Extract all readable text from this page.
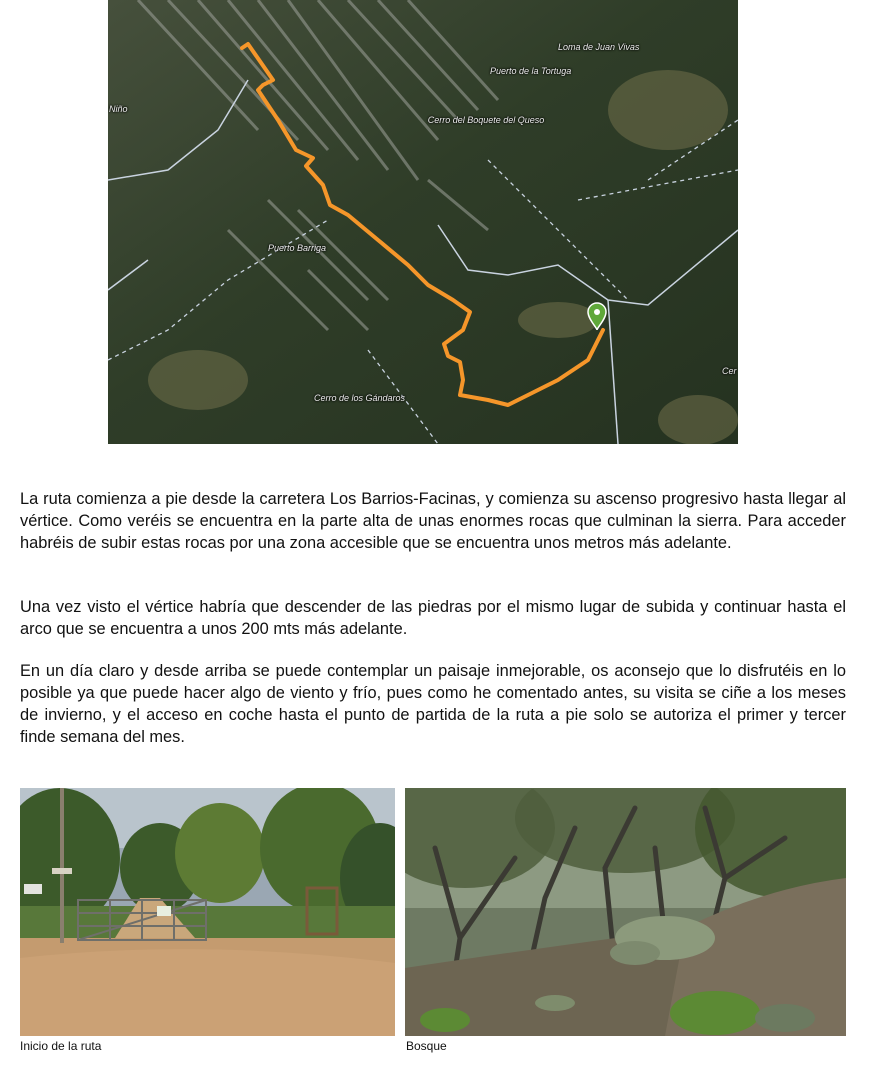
Loma de Juan Vivas
Puerto de la Tortuga
Cerro del Boquete del Queso
Puerto Barriga
Cerro de los Gándaros
Niño
Cer

La ruta comienza a pie desde la carretera Los Barrios-Facinas, y comienza su ascenso progresivo hasta llegar al vértice. Como veréis se encuentra en la parte alta de unas enormes rocas que culminan la sierra. Para acceder habréis de subir estas rocas por una zona accesible que se encuentra unos metros más adelante.

Una vez visto el vértice habría que descender de las piedras por el mismo lugar de subida y continuar hasta el arco que se encuentra a unos 200 mts más adelante.

En un día claro y desde arriba se puede contemplar un paisaje inmejorable, os aconsejo que lo disfrutéis en lo posible ya que puede hacer algo de viento y frío, pues como he comentado antes, su visita se ciñe a los meses de invierno, y el acceso en coche hasta el punto de partida de la ruta a pie solo se autoriza el primer y tercer finde semana del mes.

Inicio de la ruta	Bosque
